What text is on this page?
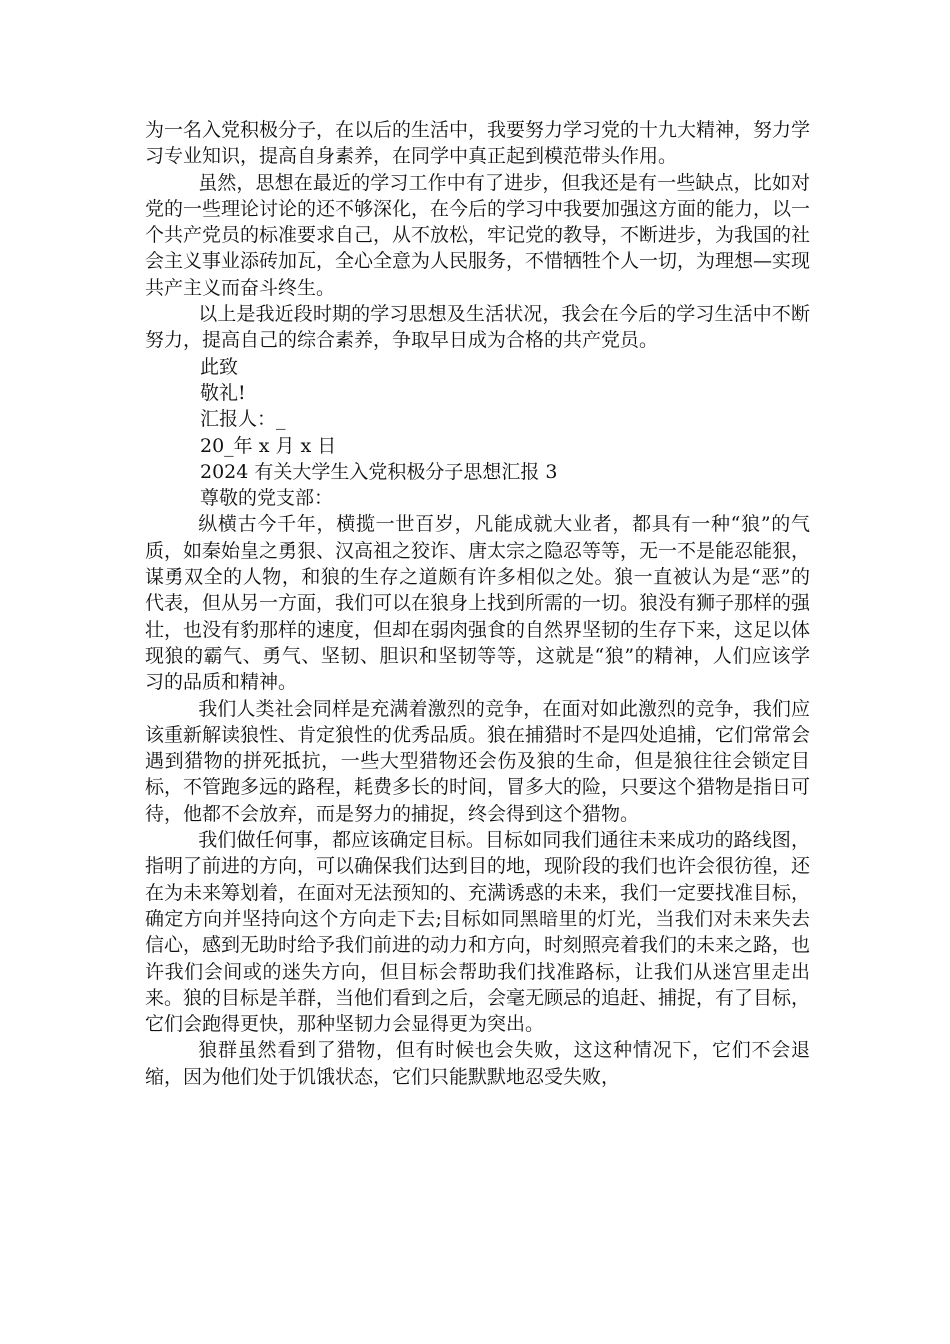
为一名入党积极分子，在以后的生活中，我要努力学习党的十九大精神，努力学习专业知识，提高自身素养，在同学中真正起到模范带头作用。

虽然，思想在最近的学习工作中有了进步，但我还是有一些缺点，比如对党的一些理论讨论的还不够深化，在今后的学习中我要加强这方面的能力，以一个共产党员的标准要求自己，从不放松，牢记党的教导，不断进步，为我国的社会主义事业添砖加瓦，全心全意为人民服务，不惜牺牲个人一切，为理想—实现共产主义而奋斗终生。

以上是我近段时期的学习思想及生活状况，我会在今后的学习生活中不断努力，提高自己的综合素养，争取早日成为合格的共产党员。

此致

敬礼!

汇报人：_

20_年 x 月 x 日

2024 有关大学生入党积极分子思想汇报 3

尊敬的党支部：

纵横古今千年，横揽一世百岁，凡能成就大业者，都具有一种“狼”的气质，如秦始皇之勇狠、汉高祖之狡诈、唐太宗之隐忍等等，无一不是能忍能狠，谋勇双全的人物，和狼的生存之道颇有许多相似之处。狼一直被认为是“恶”的代表，但从另一方面，我们可以在狼身上找到所需的一切。狼没有狮子那样的强壮，也没有豹那样的速度，但却在弱肉强食的自然界坚韧的生存下来，这足以体现狼的霸气、勇气、坚韧、胆识和坚韧等等，这就是“狼”的精神，人们应该学习的品质和精神。

我们人类社会同样是充满着激烈的竞争，在面对如此激烈的竞争，我们应该重新解读狼性、肯定狼性的优秀品质。狼在捕猎时不是四处追捕，它们常常会遇到猎物的拼死抵抗，一些大型猎物还会伤及狼的生命，但是狼往往会锁定目标，不管跑多远的路程，耗费多长的时间，冒多大的险，只要这个猎物是指日可待，他都不会放弃，而是努力的捕捉，终会得到这个猎物。

我们做任何事，都应该确定目标。目标如同我们通往未来成功的路线图，指明了前进的方向，可以确保我们达到目的地，现阶段的我们也许会很彷徨，还在为未来筹划着，在面对无法预知的、充满诱惑的未来，我们一定要找准目标，确定方向并坚持向这个方向走下去;目标如同黑暗里的灯光，当我们对未来失去信心，感到无助时给予我们前进的动力和方向，时刻照亮着我们的未来之路，也许我们会间或的迷失方向，但目标会帮助我们找准路标，让我们从迷宫里走出来。狼的目标是羊群，当他们看到之后，会毫无顾忌的追赶、捕捉，有了目标，它们会跑得更快，那种坚韧力会显得更为突出。

狼群虽然看到了猎物，但有时候也会失败，这这种情况下，它们不会退缩，因为他们处于饥饿状态，它们只能默默地忍受失败，
